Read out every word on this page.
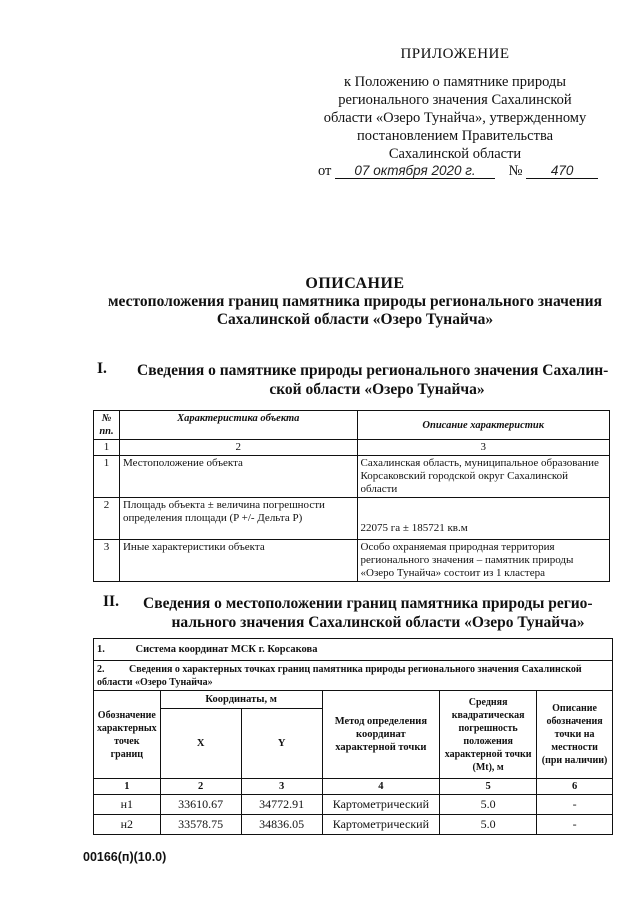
ПРИЛОЖЕНИЕ
к Положению о памятнике природы
регионального значения Сахалинской
области «Озеро Тунайча», утвержденному
постановлением Правительства
Сахалинской области
от 07 октября 2020 г. № 470
ОПИСАНИЕ
местоположения границ памятника природы регионального значения
Сахалинской области «Озеро Тунайча»
I. Сведения о памятнике природы регионального значения Сахалин-
ской области «Озеро Тунайча»
№ пп.	Характеристика объекта	Описание характеристик
1	2	3
1	Местоположение объекта	Сахалинская область, муниципальное образование Корсаковский городской округ Сахалинской области
2	Площадь объекта ± величина погрешности определения площади (P +/- Дельта P)	22075 га ± 185721 кв.м
3	Иные характеристики объекта	Особо охраняемая природная территория регионального значения – памятник природы «Озеро Тунайча» состоит из 1 кластера
II. Сведения о местоположении границ памятника природы регио-
нального значения Сахалинской области «Озеро Тунайча»
1. Система координат МСК г. Корсакова					
2. Сведения о характерных точках границ памятника природы регионального значения Сахалинской области «Озеро Тунайча»					
Обозначение характерных точек границ	Координаты, м		Метод определения координат характерной точки	Средняя квадратическая погрешность положения характерной точки (Мt), м	Описание обозначения точки на местности (при наличии)
	X	Y			
1	2	3	4	5	6
н1	33610.67	34772.91	Картометрический	5.0	-
н2	33578.75	34836.05	Картометрический	5.0	-
00166(п)(10.0)
